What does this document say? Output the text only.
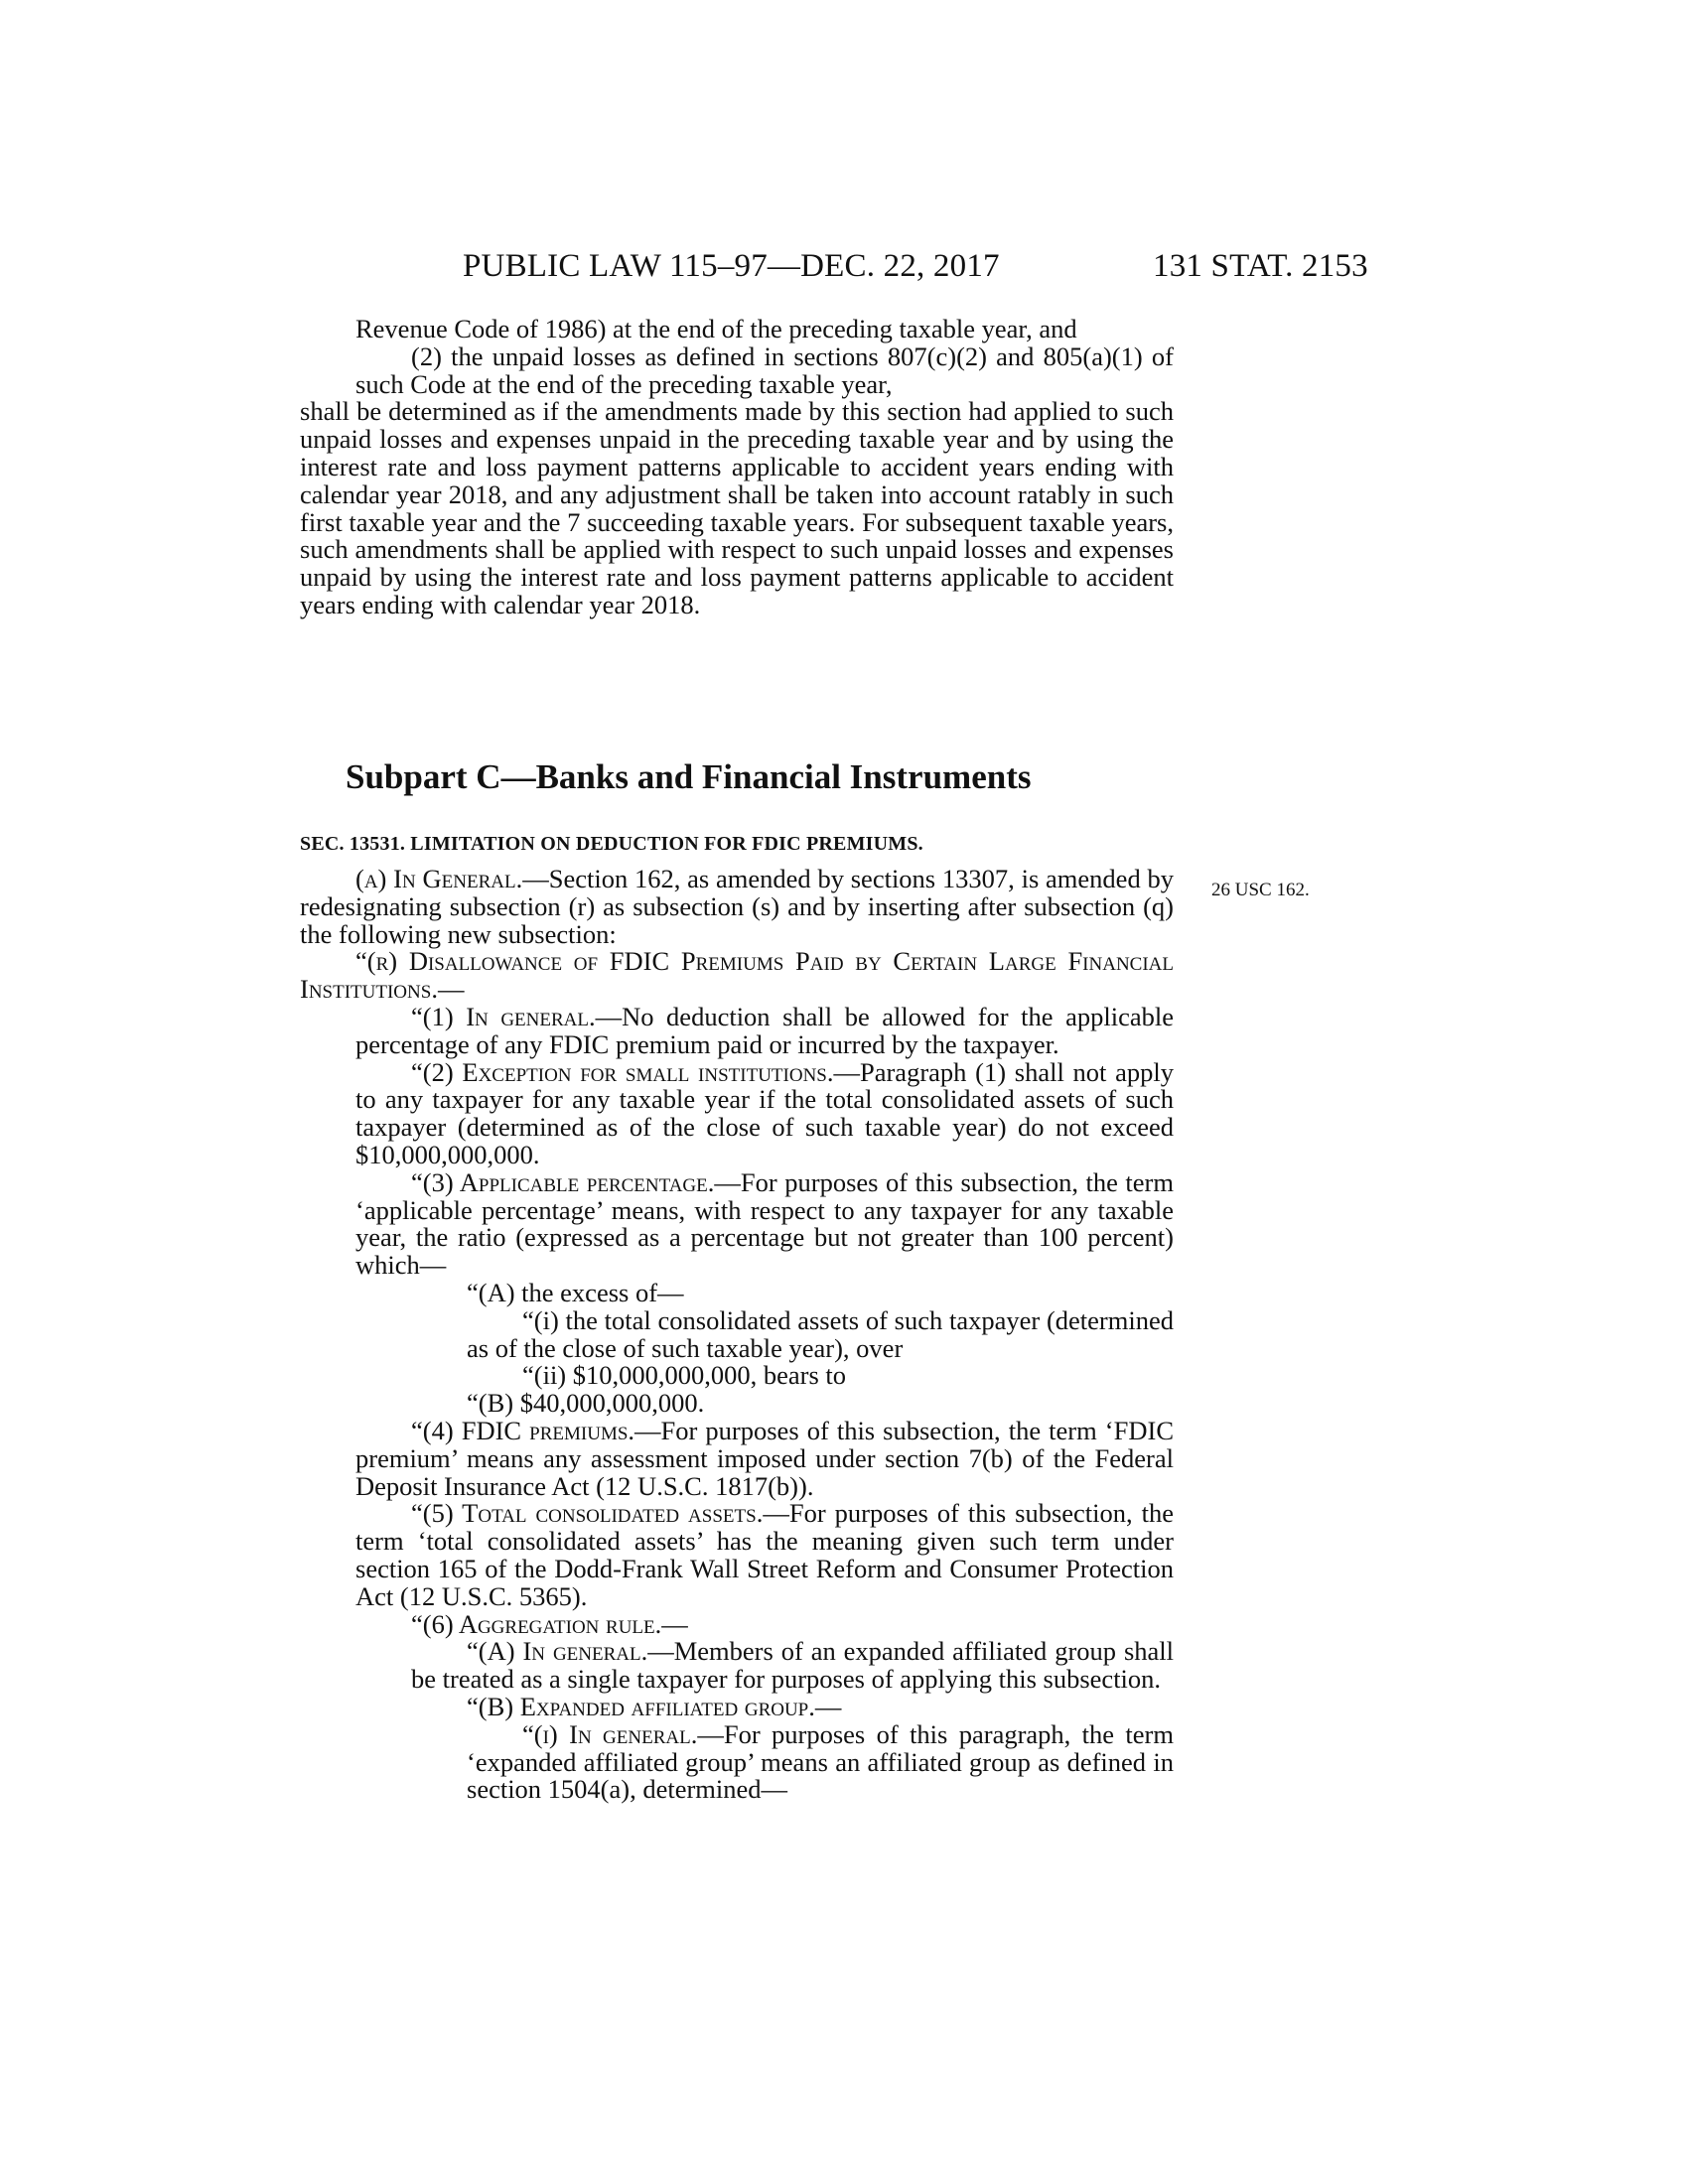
PUBLIC LAW 115–97—DEC. 22, 2017	131 STAT. 2153

Revenue Code of 1986) at the end of the preceding taxable year, and

(2) the unpaid losses as defined in sections 807(c)(2) and 805(a)(1) of such Code at the end of the preceding taxable year,

shall be determined as if the amendments made by this section had applied to such unpaid losses and expenses unpaid in the preceding taxable year and by using the interest rate and loss payment patterns applicable to accident years ending with calendar year 2018, and any adjustment shall be taken into account ratably in such first taxable year and the 7 succeeding taxable years. For subsequent taxable years, such amendments shall be applied with respect to such unpaid losses and expenses unpaid by using the interest rate and loss payment patterns applicable to accident years ending with calendar year 2018.

Subpart C—Banks and Financial Instruments
SEC. 13531. LIMITATION ON DEDUCTION FOR FDIC PREMIUMS.
26 USC 162.

(a) In General.—Section 162, as amended by sections 13307, is amended by redesignating subsection (r) as subsection (s) and by inserting after subsection (q) the following new subsection:

“(r) Disallowance of FDIC Premiums Paid by Certain Large Financial Institutions.—

“(1) In general.—No deduction shall be allowed for the applicable percentage of any FDIC premium paid or incurred by the taxpayer.

“(2) Exception for small institutions.—Paragraph (1) shall not apply to any taxpayer for any taxable year if the total consolidated assets of such taxpayer (determined as of the close of such taxable year) do not exceed $10,000,000,000.

“(3) Applicable percentage.—For purposes of this subsection, the term ‘applicable percentage’ means, with respect to any taxpayer for any taxable year, the ratio (expressed as a percentage but not greater than 100 percent) which—

“(A) the excess of—

“(i) the total consolidated assets of such taxpayer (determined as of the close of such taxable year), over

“(ii) $10,000,000,000, bears to

“(B) $40,000,000,000.

“(4) FDIC premiums.—For purposes of this subsection, the term ‘FDIC premium’ means any assessment imposed under section 7(b) of the Federal Deposit Insurance Act (12 U.S.C. 1817(b)).

“(5) Total consolidated assets.—For purposes of this subsection, the term ‘total consolidated assets’ has the meaning given such term under section 165 of the Dodd-Frank Wall Street Reform and Consumer Protection Act (12 U.S.C. 5365).

“(6) Aggregation rule.—

“(A) In general.—Members of an expanded affiliated group shall be treated as a single taxpayer for purposes of applying this subsection.

“(B) Expanded affiliated group.—

“(i) In general.—For purposes of this paragraph, the term ‘expanded affiliated group’ means an affiliated group as defined in section 1504(a), determined—
